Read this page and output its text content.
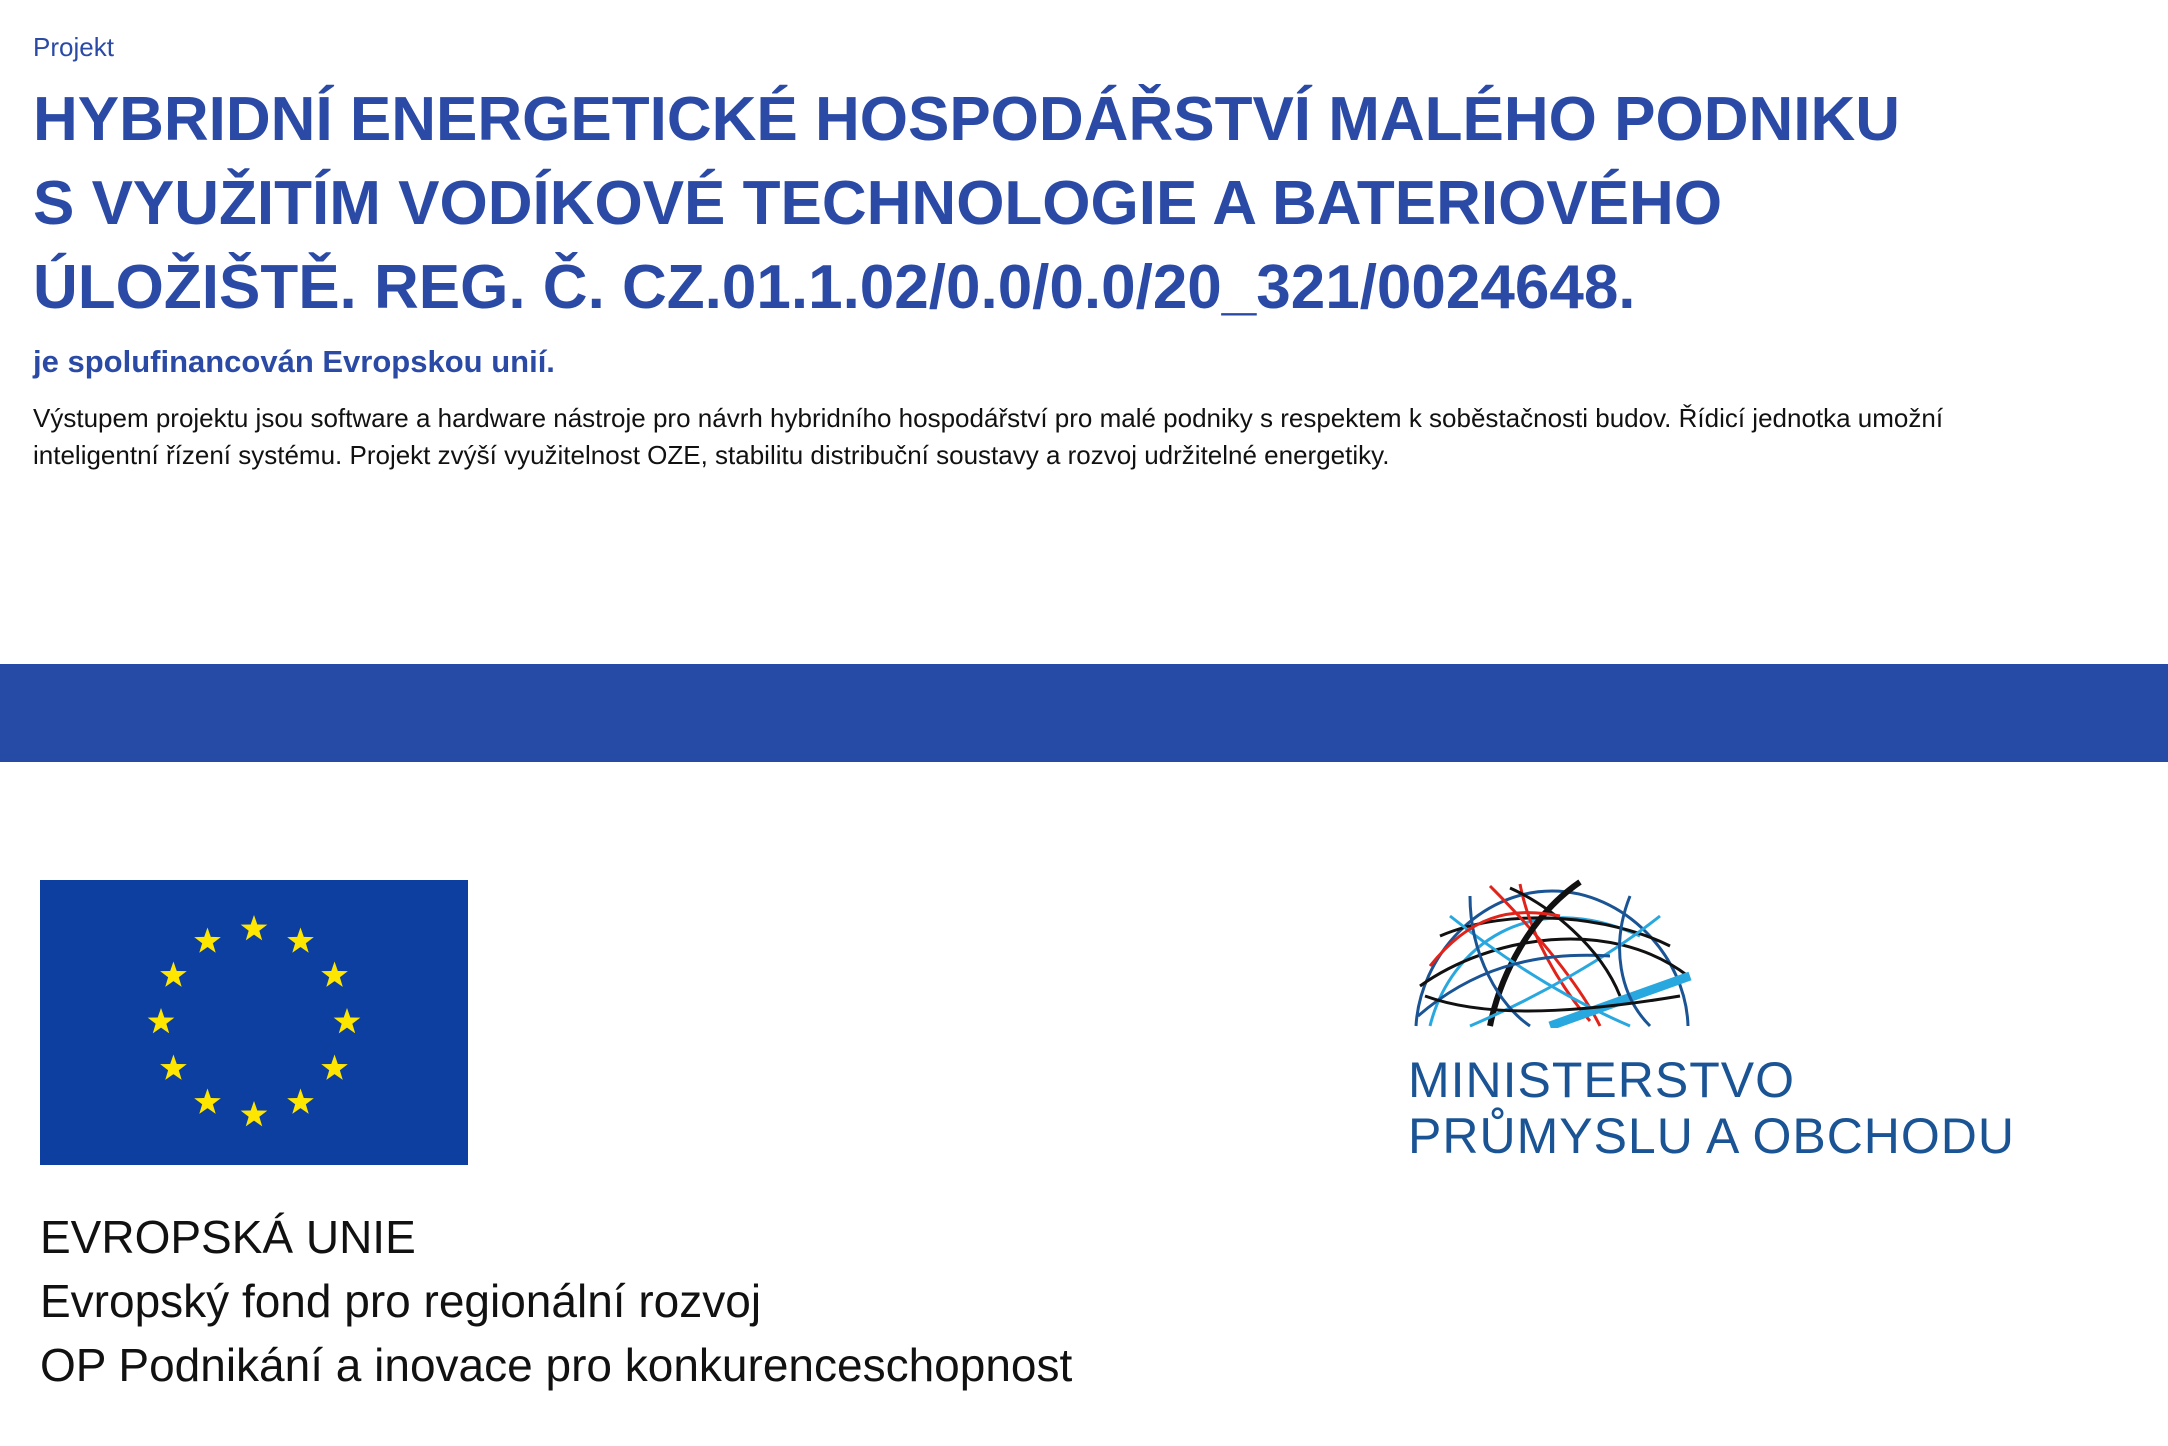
Projekt
HYBRIDNÍ ENERGETICKÉ HOSPODÁŘSTVÍ MALÉHO PODNIKU
S VYUŽITÍM VODÍKOVÉ TECHNOLOGIE A BATERIOVÉHO
ÚLOŽIŠTĚ. REG. Č. CZ.01.1.02/0.0/0.0/20_321/0024648.
je spolufinancován Evropskou unií.
Výstupem projektu jsou software a hardware nástroje pro návrh hybridního hospodářství pro malé podniky s respektem k soběstačnosti budov. Řídicí jednotka umožní
inteligentní řízení systému. Projekt zvýší využitelnost OZE, stabilitu distribuční soustavy a rozvoj udržitelné energetiky.
EVROPSKÁ UNIE
Evropský fond pro regionální rozvoj
OP Podnikání a inovace pro konkurenceschopnost
MINISTERSTVO
PRŮMYSLU A OBCHODU
